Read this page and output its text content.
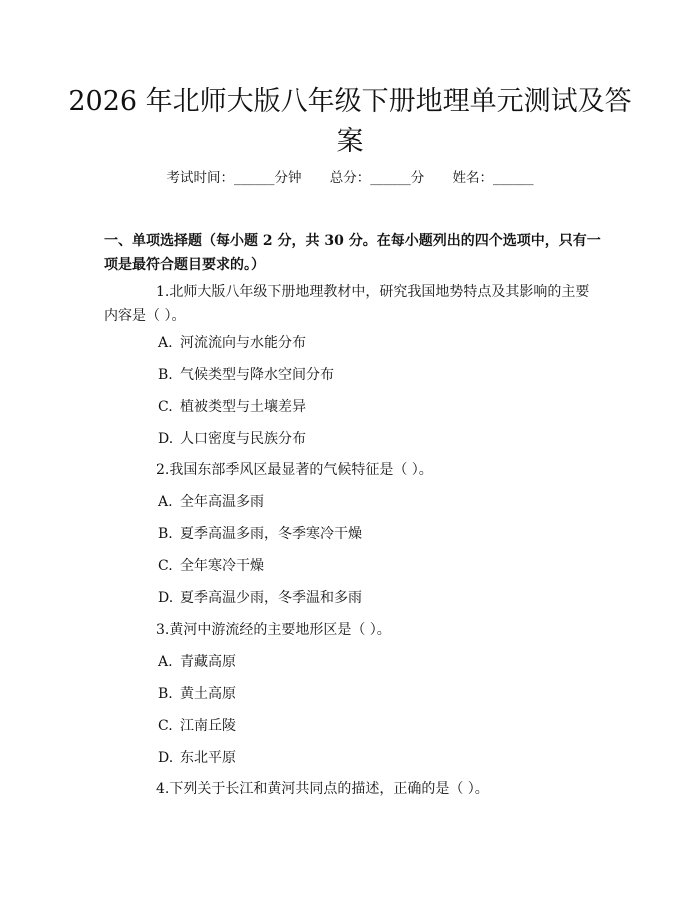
2026 年北师大版八年级下册地理单元测试及答案
考试时间：______分钟 总分：______分 姓名：______

一、单项选择题（每小题 2 分，共 30 分。在每小题列出的四个选项中，只有一项是最符合题目要求的。）

1.北师大版八年级下册地理教材中，研究我国地势特点及其影响的主要内容是（ ）。

A. 河流流向与水能分布

B. 气候类型与降水空间分布

C. 植被类型与土壤差异

D. 人口密度与民族分布

2.我国东部季风区最显著的气候特征是（ ）。

A. 全年高温多雨

B. 夏季高温多雨，冬季寒冷干燥

C. 全年寒冷干燥

D. 夏季高温少雨，冬季温和多雨

3.黄河中游流经的主要地形区是（ ）。

A. 青藏高原

B. 黄土高原

C. 江南丘陵

D. 东北平原

4.下列关于长江和黄河共同点的描述，正确的是（ ）。
